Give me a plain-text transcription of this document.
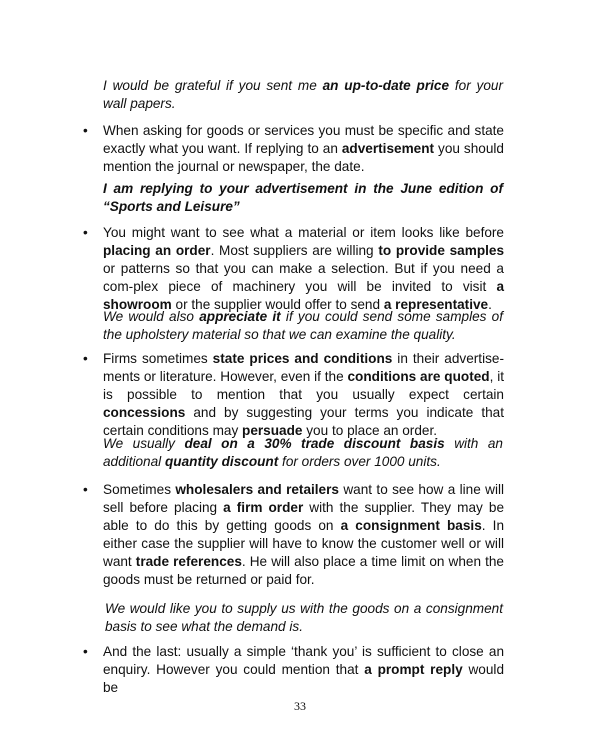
I would be grateful if you sent me an up-to-date price for your wall papers.

•	When asking for goods or services you must be specific and state exactly what you want. If replying to an advertisement you should mention the journal or newspaper, the date.

I am replying to your advertisement in the June edition of “Sports and Leisure”

•	You might want to see what a material or item looks like before placing an order. Most suppliers are willing to provide samples or patterns so that you can make a selection. But if you need a com-plex piece of machinery you will be invited to visit a showroom or the supplier would offer to send a representative.

We would also appreciate it if you could send some samples of the upholstery material so that we can examine the quality.

•	Firms sometimes state prices and conditions in their advertise-ments or literature. However, even if the conditions are quoted, it is possible to mention that you usually expect certain concessions and by suggesting your terms you indicate that certain conditions may persuade you to place an order.

We usually deal on a 30% trade discount basis with an additional quantity discount for orders over 1000 units.

•	Sometimes wholesalers and retailers want to see how a line will sell before placing a firm order with the supplier. They may be able to do this by getting goods on a consignment basis. In either case the supplier will have to know the customer well or will want trade references. He will also place a time limit on when the goods must be returned or paid for.

We would like you to supply us with the goods on a consignment basis to see what the demand is.

•	And the last: usually a simple ‘thank you’ is sufficient to close an enquiry. However you could mention that a prompt reply would be

33
